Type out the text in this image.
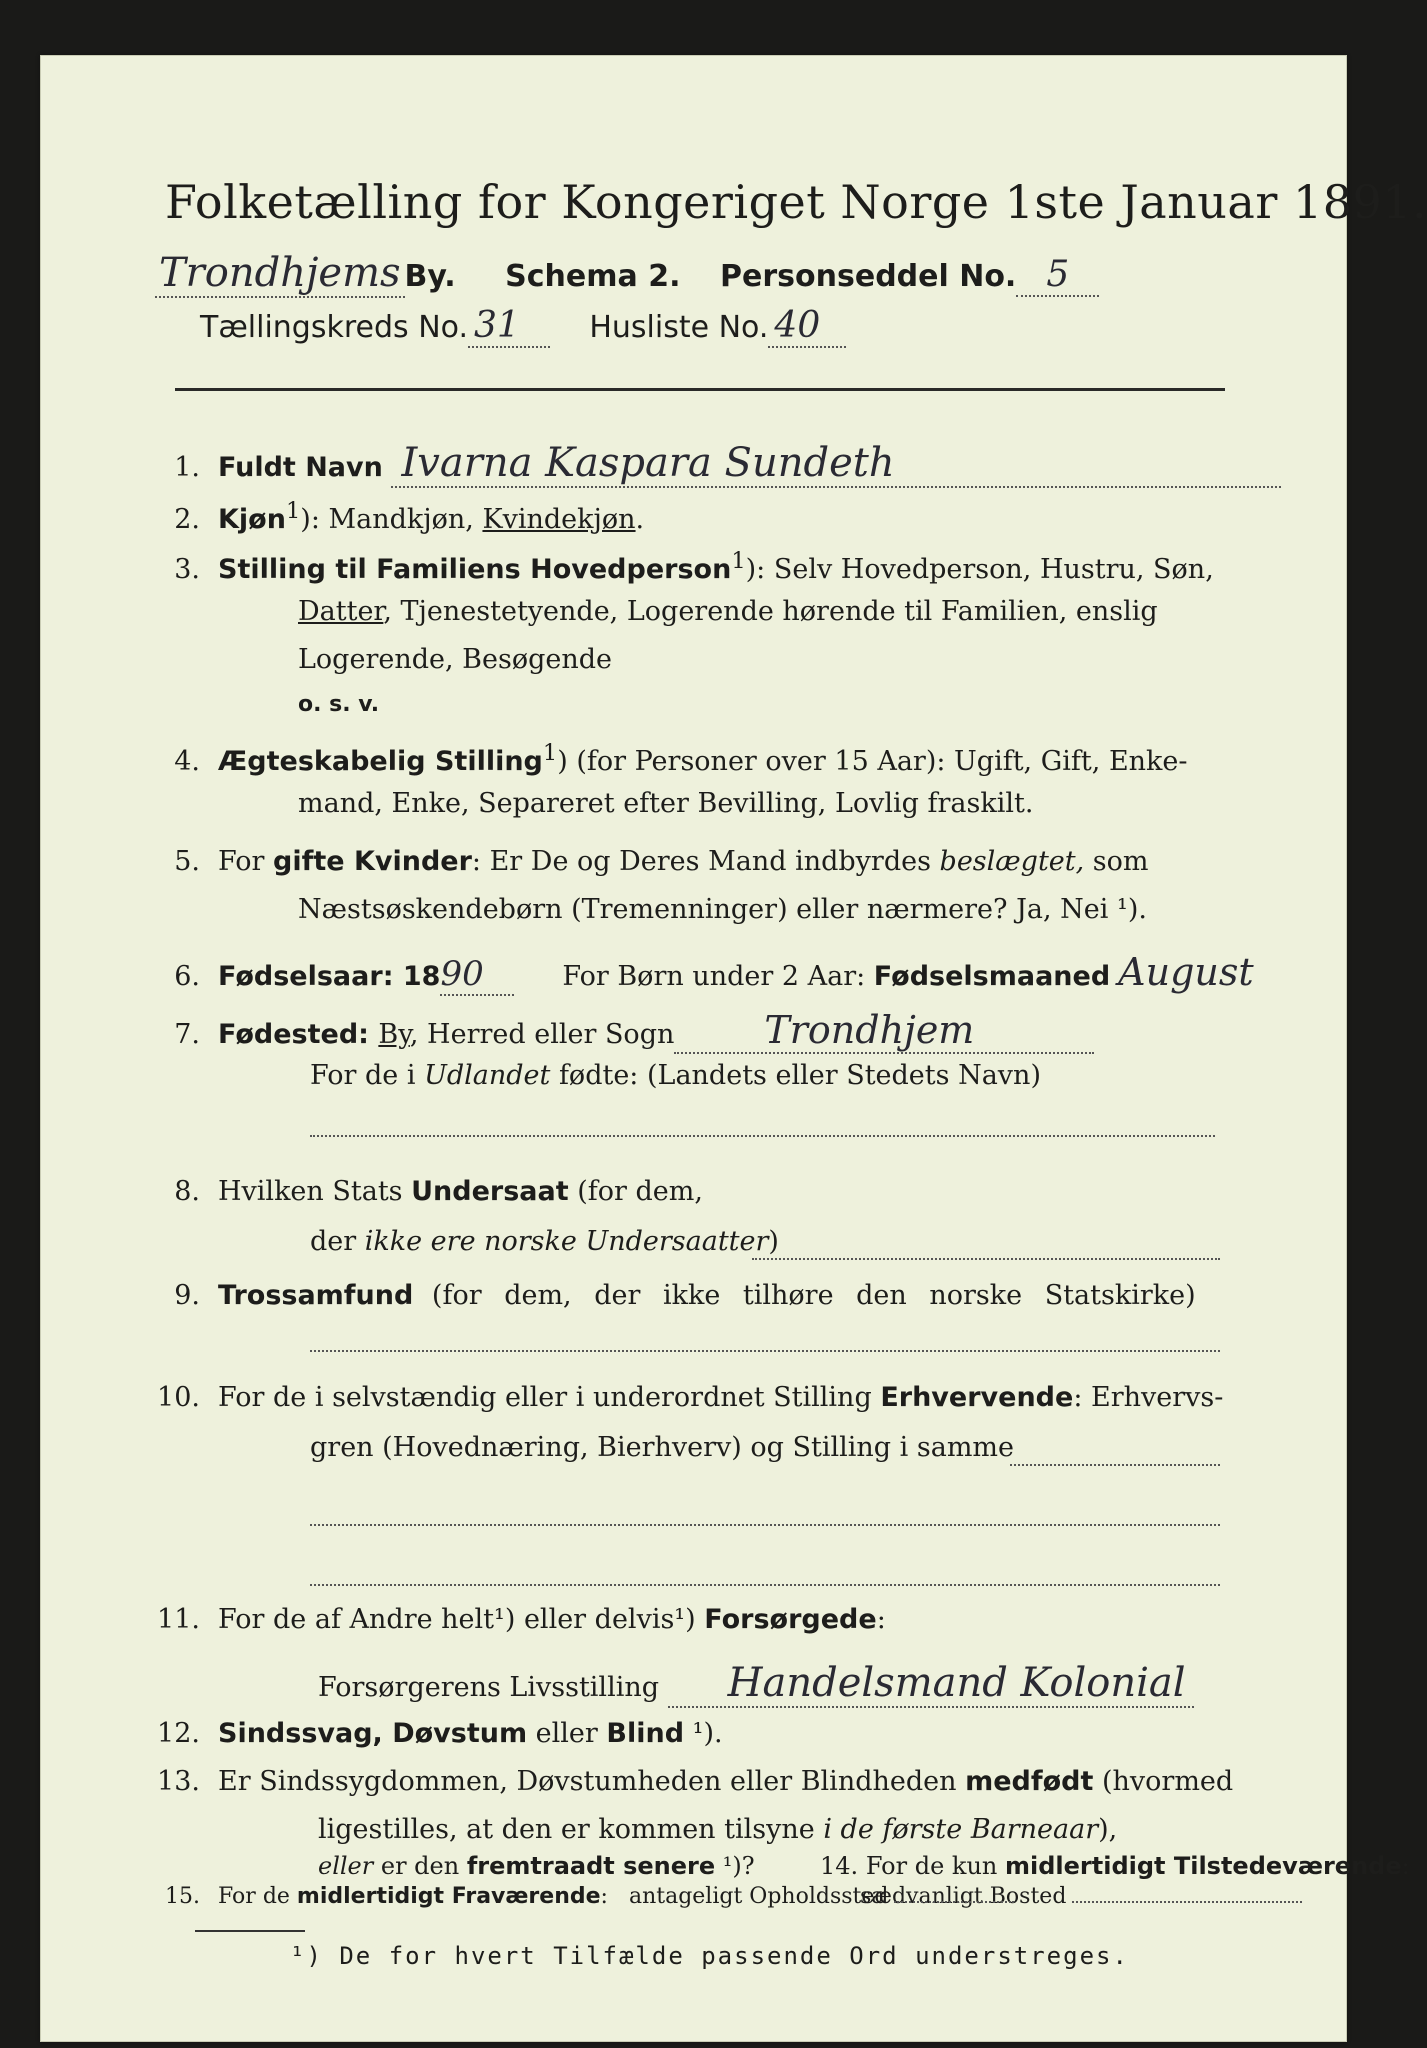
Folketælling for Kongeriget Norge 1ste Januar 1891.
Trondhjems By. Schema 2. Personseddel No. 5
Tællingskreds No. 31 Husliste No. 40
1. Fuldt Navn Ivarna Kaspara Sundeth
2. Kjøn$^1$): Mandkjøn, Kvindekjøn.
3. Stilling til Familiens Hovedperson$^1$): Selv Hovedperson, Hustru, Søn,
Datter, Tjenestetyende, Logerende hørende til Familien, enslig
Logerende, Besøgende
o. s. v.
4. Ægteskabelig Stilling$^1$) (for Personer over 15 Aar): Ugift, Gift, Enke-
mand, Enke, Separeret efter Bevilling, Lovlig fraskilt.
5. For gifte Kvinder: Er De og Deres Mand indbyrdes beslægtet, som
Næstsøskendebørn (Tremenninger) eller nærmere? Ja, Nei ¹).
6. Fødselsaar: 1890	For Børn under 2 Aar: Fødselsmaaned August
7. Fødested: By, Herred eller Sogn Trondhjem
For de i Udlandet fødte: (Landets eller Stedets Navn)
8. Hvilken Stats Undersaat (for dem,
der ikke ere norske Undersaatter)
9. Trossamfund (for dem, der ikke tilhøre den norske Statskirke)
10. For de i selvstændig eller i underordnet Stilling Erhvervende: Erhvervs-
gren (Hovednæring, Bierhverv) og Stilling i samme
11. For de af Andre helt¹) eller delvis¹) Forsørgede:
Forsørgerens Livsstilling Handelsmand Kolonial
12. Sindssvag, Døvstum eller Blind ¹).
13. Er Sindssygdommen, Døvstumheden eller Blindheden medfødt (hvormed
ligestilles, at den er kommen tilsyne i de første Barneaar),
eller er den fremtraadt senere ¹)?	14. For de kun midlertidigt Tilstedeværende:
sædvanligt Bosted
15. For de midlertidigt Fraværende: antageligt Opholdssted
¹) De for hvert Tilfælde passende Ord understreges.
